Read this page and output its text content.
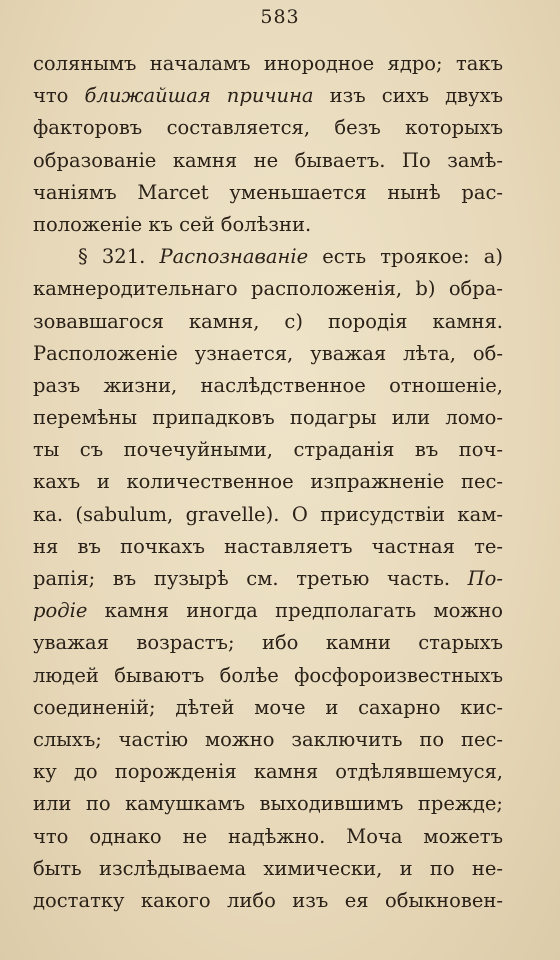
583
солянымъ началамъ инородное ядро; такъ
что ближайшая причина изъ сихъ двухъ
факторовъ составляется, безъ которыхъ
образованіе камня не бываетъ. По замѣ-
чаніямъ Marcet уменьшается нынѣ рас-
положеніе къ сей болѣзни.
§ 321. Распознаваніе есть троякое: а)
камнеродительнаго расположенія, b) обра-
зовавшагося камня, с) породія камня.
Расположеніе узнается, уважая лѣта, об-
разъ жизни, наслѣдственное отношеніе,
перемѣны припадковъ подагры или ломо-
ты съ почечуйными, страданія въ поч-
кахъ и количественное изпражненіе пес-
ка. (sabulum, gravelle). О присудствіи кам-
ня въ почкахъ наставляетъ частная те-
рапія; въ пузырѣ см. третью часть. По-
родіе камня иногда предполагать можно
уважая возрастъ; ибо камни старыхъ
людей бываютъ болѣе фосфороизвестныхъ
соединеній; дѣтей моче и сахарно кис-
слыхъ; частію можно заключить по пес-
ку до порожденія камня отдѣлявшемуся,
или по камушкамъ выходившимъ прежде;
что однако не надѣжно. Моча можетъ
быть изслѣдываема химически, и по не-
достатку какого либо изъ ея обыкновен-
